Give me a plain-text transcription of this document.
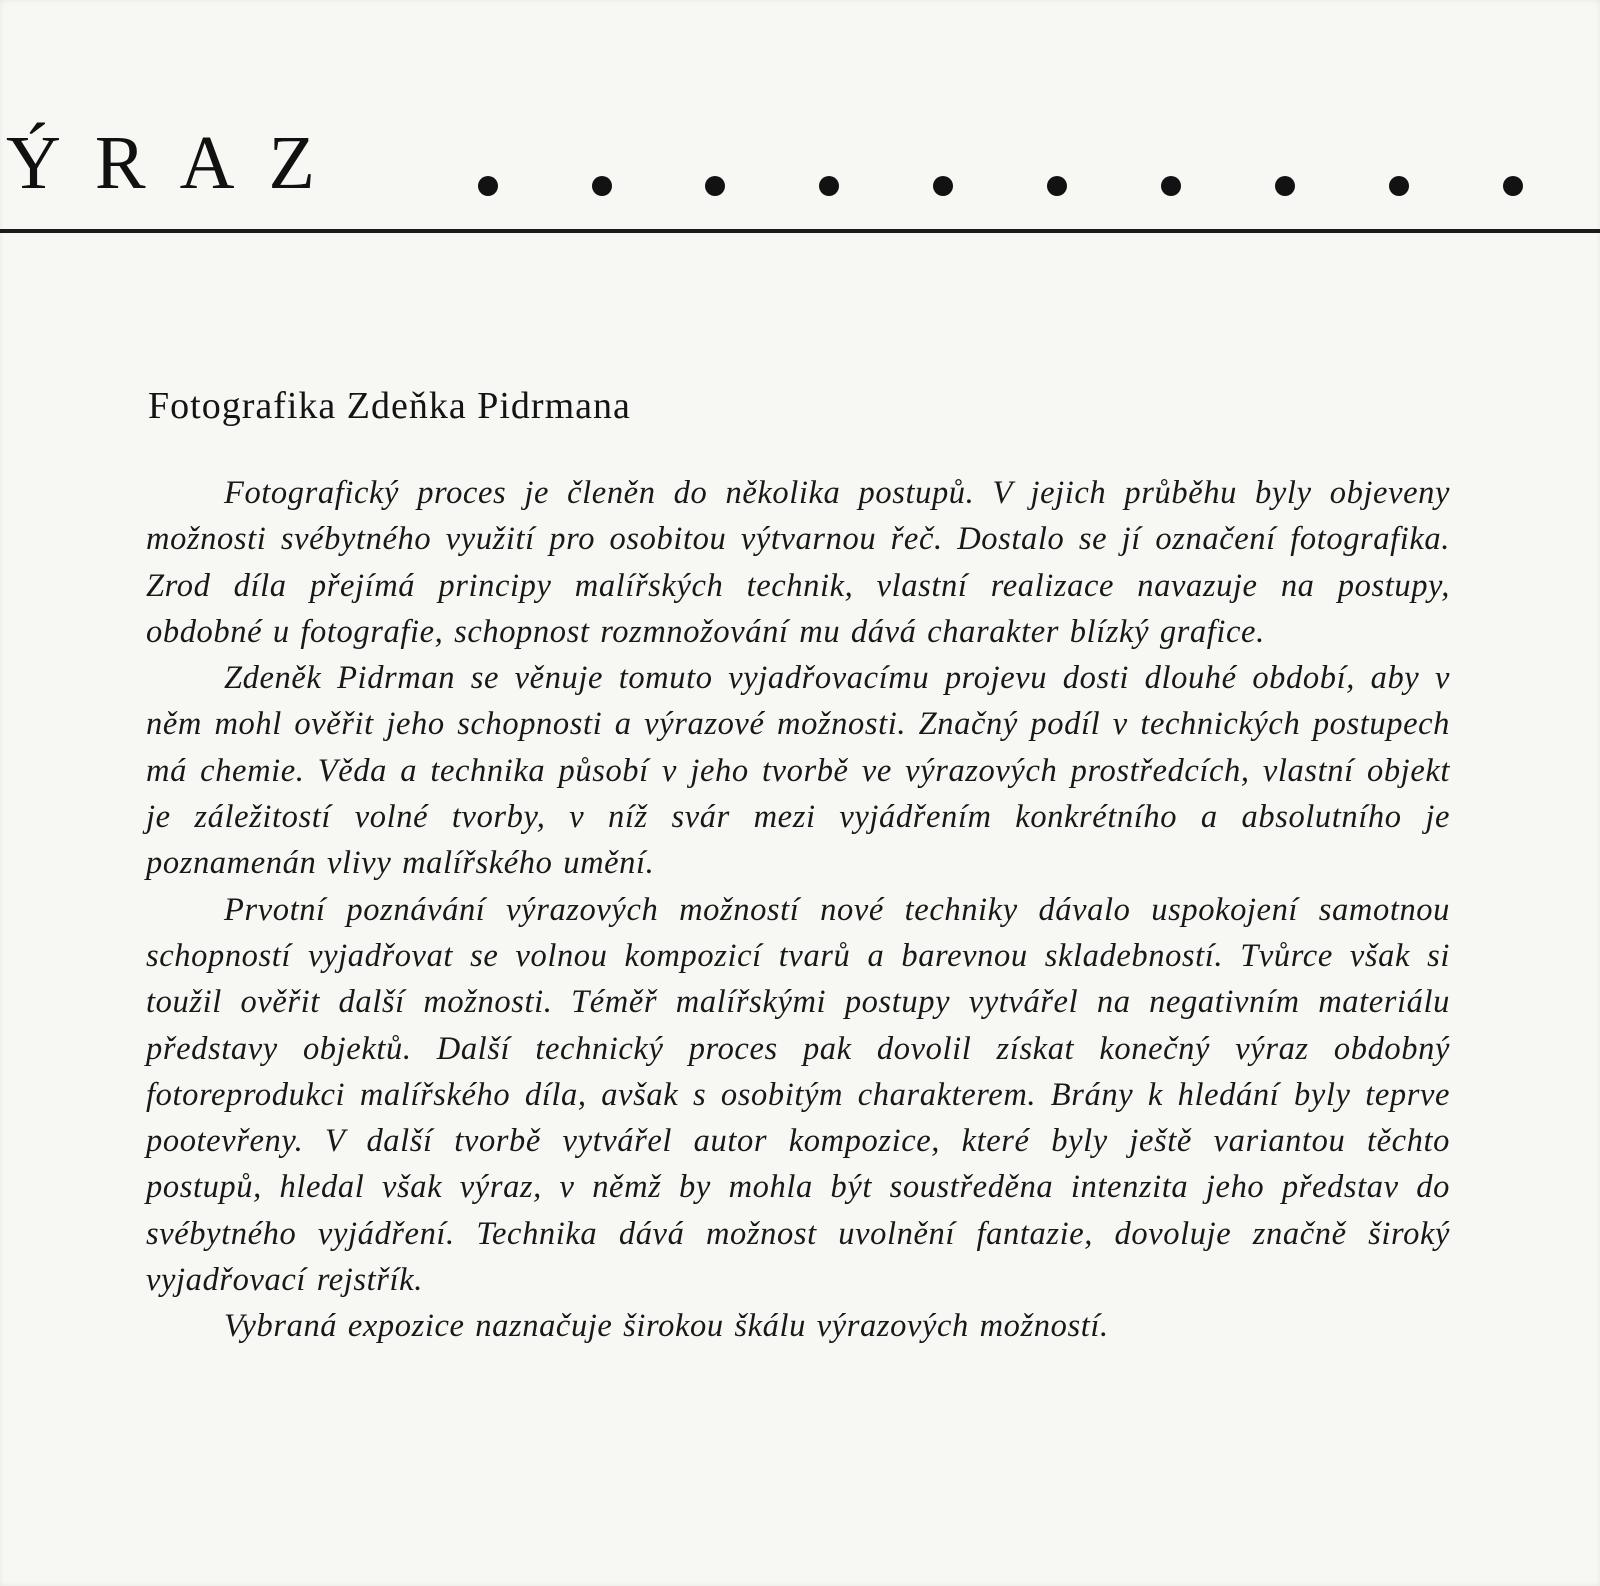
ÝRAZ
Fotografika Zdeňka Pidrmana

Fotografický proces je členěn do několika postupů. V jejich průběhu byly objeveny možnosti svébytného využití pro osobitou výtvarnou řeč. Dostalo se jí označení fotografika. Zrod díla přejímá principy malířských technik, vlastní realizace navazuje na postupy, obdobné u fotografie, schopnost rozmnožování mu dává charakter blízký grafice.

Zdeněk Pidrman se věnuje tomuto vyjadřovacímu projevu dosti dlouhé období, aby v něm mohl ověřit jeho schopnosti a výrazové možnosti. Značný podíl v technických postupech má chemie. Věda a technika působí v jeho tvorbě ve výrazových prostředcích, vlastní objekt je záležitostí volné tvorby, v níž svár mezi vyjádřením konkrétního a absolutního je poznamenán vlivy malířského umění.

Prvotní poznávání výrazových možností nové techniky dávalo uspokojení samotnou schopností vyjadřovat se volnou kompozicí tvarů a barevnou skladebností. Tvůrce však si toužil ověřit další možnosti. Téměř malířskými postupy vytvářel na negativním materiálu představy objektů. Další technický proces pak dovolil získat konečný výraz obdobný fotoreprodukci malířského díla, avšak s osobitým charakterem. Brány k hledání byly teprve pootevřeny. V další tvorbě vytvářel autor kompozice, které byly ještě variantou těchto postupů, hledal však výraz, v němž by mohla být soustředěna intenzita jeho představ do svébytného vyjádření. Technika dává možnost uvolnění fantazie, dovoluje značně široký vyjadřovací rejstřík.

Vybraná expozice naznačuje širokou škálu výrazových možností.
